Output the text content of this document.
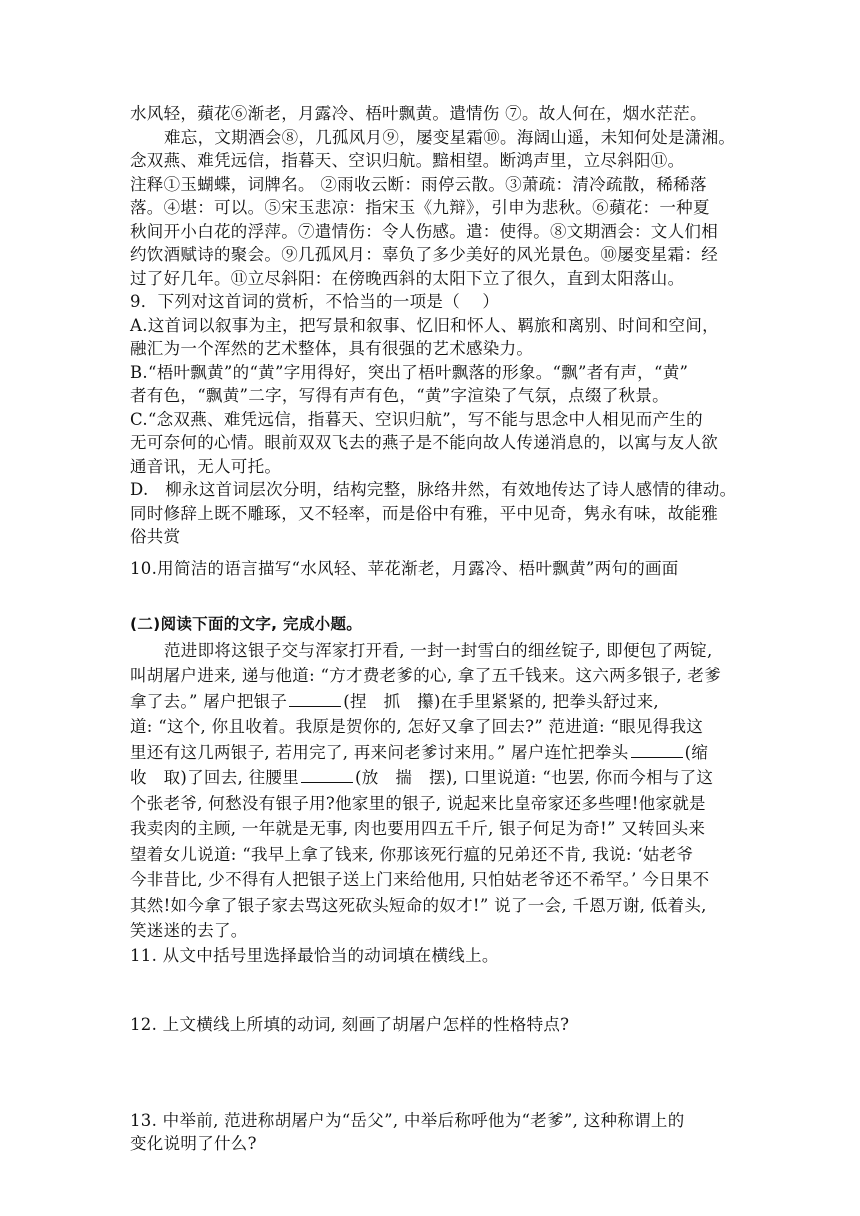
水风轻，蘋花⑥渐老，月露冷、梧叶飘黄。遣情伤 ⑦。故人何在，烟水茫茫。
难忘，文期酒会⑧，几孤风月⑨，屡变星霜⑩。海阔山遥，未知何处是潇湘。
念双燕、难凭远信，指暮天、空识归航。黯相望。断鸿声里，立尽斜阳⑪。
注释①玉蝴蝶，词牌名。 ②雨收云断：雨停云散。③萧疏：清冷疏散，稀稀落
落。④堪：可以。⑤宋玉悲凉：指宋玉《九辩》，引申为悲秋。⑥蘋花：一种夏
秋间开小白花的浮萍。⑦遣情伤：令人伤感。遣：使得。⑧文期酒会：文人们相
约饮酒赋诗的聚会。⑨几孤风月：辜负了多少美好的风光景色。⑩屡变星霜：经
过了好几年。⑪立尽斜阳：在傍晚西斜的太阳下立了很久，直到太阳落山。
9．下列对这首词的赏析，不恰当的一项是（　 ）
A.这首词以叙事为主，把写景和叙事、忆旧和怀人、羁旅和离别、时间和空间，
融汇为一个浑然的艺术整体，具有很强的艺术感染力。
B.“梧叶飘黄”的“黄”字用得好，突出了梧叶飘落的形象。“飘”者有声，“黄”
者有色，“飘黄”二字，写得有声有色，“黄”字渲染了气氛，点缀了秋景。
C.“念双燕、难凭远信，指暮天、空识归航”，写不能与思念中人相见而产生的
无可奈何的心情。眼前双双飞去的燕子是不能向故人传递消息的，以寓与友人欲
通音讯，无人可托。
D.　柳永这首词层次分明，结构完整，脉络井然，有效地传达了诗人感情的律动。
同时修辞上既不雕琢，又不轻率，而是俗中有雅，平中见奇，隽永有味，故能雅
俗共赏
10.用简洁的语言描写“水风轻、苹花渐老，月露冷、梧叶飘黄”两句的画面
(二)阅读下面的文字, 完成小题。
范进即将这银子交与浑家打开看, 一封一封雪白的细丝锭子, 即便包了两锭,
叫胡屠户进来, 递与他道: “方才费老爹的心, 拿了五千钱来。这六两多银子, 老爹
拿了去。” 屠户把银子	(捏　抓　攥)在手里紧紧的, 把拳头舒过来,
道: “这个, 你且收着。我原是贺你的, 怎好又拿了回去?” 范进道: “眼见得我这
里还有这几两银子, 若用完了, 再来问老爹讨来用。” 屠户连忙把拳头	(缩
收　取)了回去, 往腰里	(放　揣　摆), 口里说道: “也罢, 你而今相与了这
个张老爷, 何愁没有银子用?他家里的银子, 说起来比皇帝家还多些哩!他家就是
我卖肉的主顾, 一年就是无事, 肉也要用四五千斤, 银子何足为奇!” 又转回头来
望着女儿说道: “我早上拿了钱来, 你那该死行瘟的兄弟还不肯, 我说: ‘姑老爷
今非昔比, 少不得有人把银子送上门来给他用, 只怕姑老爷还不希罕。’ 今日果不
其然!如今拿了银子家去骂这死砍头短命的奴才!” 说了一会, 千恩万谢, 低着头,
笑迷迷的去了。
11. 从文中括号里选择最恰当的动词填在横线上。
12. 上文横线上所填的动词, 刻画了胡屠户怎样的性格特点?
13. 中举前, 范进称胡屠户为“岳父”, 中举后称呼他为“老爹”, 这种称谓上的
变化说明了什么?
